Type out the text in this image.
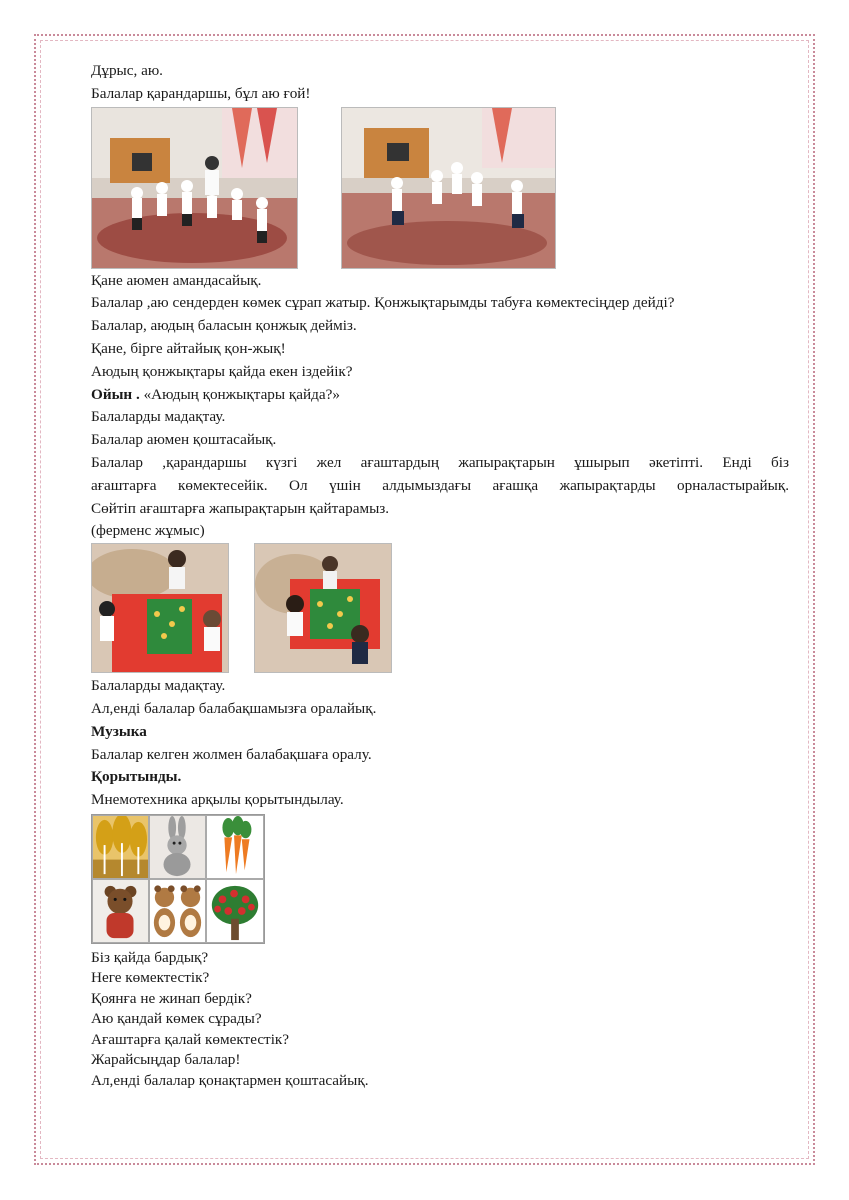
Дұрыс, аю.

Балалар қарандаршы, бұл аю ғой!

Қане аюмен амандасайық.

Балалар ,аю сендерден көмек сұрап жатыр. Қонжықтарымды табуға көмектесіңдер дейді?

Балалар, аюдың баласын қонжық дейміз.

Қане, бірге айтайық қон-жық!

Аюдың қонжықтары қайда екен іздейік?

Ойын . «Аюдың қонжықтары қайда?»

Балаларды мадақтау.

Балалар аюмен қоштасайық.

Балалар ,қарандаршы күзгі жел ағаштардың жапырақтарын ұшырып әкетіпті. Енді біз

ағаштарға көмектесейік. Ол үшін алдымыздағы ағашқа жапырақтарды орналастырайық.

Сөйтіп ағаштарға жапырақтарын қайтарамыз.

(ферменс жұмыс)

Балаларды мадақтау.

Ал,енді балалар балабақшамызға оралайық.

Музыка

Балалар келген жолмен балабақшаға оралу.

Қорытынды.

Мнемотехника арқылы қорытындылау.

Біз қайда бардық?

Неге көмектестік?

Қоянға не жинап бердік?

Аю қандай көмек сұрады?

Ағаштарға қалай көмектестік?

Жарайсыңдар балалар!

Ал,енді балалар қонақтармен қоштасайық.
